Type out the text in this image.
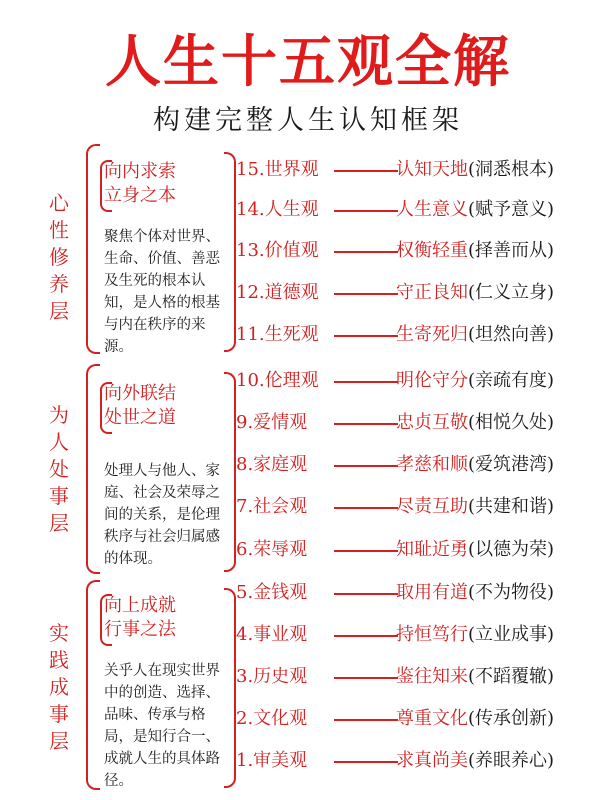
人生十五观全解
构建完整人生认知框架
心性修养层
向内求索
立身之本
聚焦个体对世界、生命、价值、善恶及生死的根本认知，是人格的根基与内在秩序的来源。
15.世界观	认知天地(洞悉根本)
14.人生观	人生意义(赋予意义)
13.价值观	权衡轻重(择善而从)
12.道德观	守正良知(仁义立身)
11.生死观	生寄死归(坦然向善)
为人处事层
向外联结
处世之道
处理人与他人、家庭、社会及荣辱之间的关系，是伦理秩序与社会归属感的体现。
10.伦理观	明伦守分(亲疏有度)
9.爱情观	忠贞互敬(相悦久处)
8.家庭观	孝慈和顺(爱筑港湾)
7.社会观	尽责互助(共建和谐)
6.荣辱观	知耻近勇(以德为荣)
实践成事层
向上成就
行事之法
关乎人在现实世界中的创造、选择、品味、传承与格局，是知行合一、成就人生的具体路径。
5.金钱观	取用有道(不为物役)
4.事业观	持恒笃行(立业成事)
3.历史观	鉴往知来(不蹈覆辙)
2.文化观	尊重文化(传承创新)
1.审美观	求真尚美(养眼养心)
